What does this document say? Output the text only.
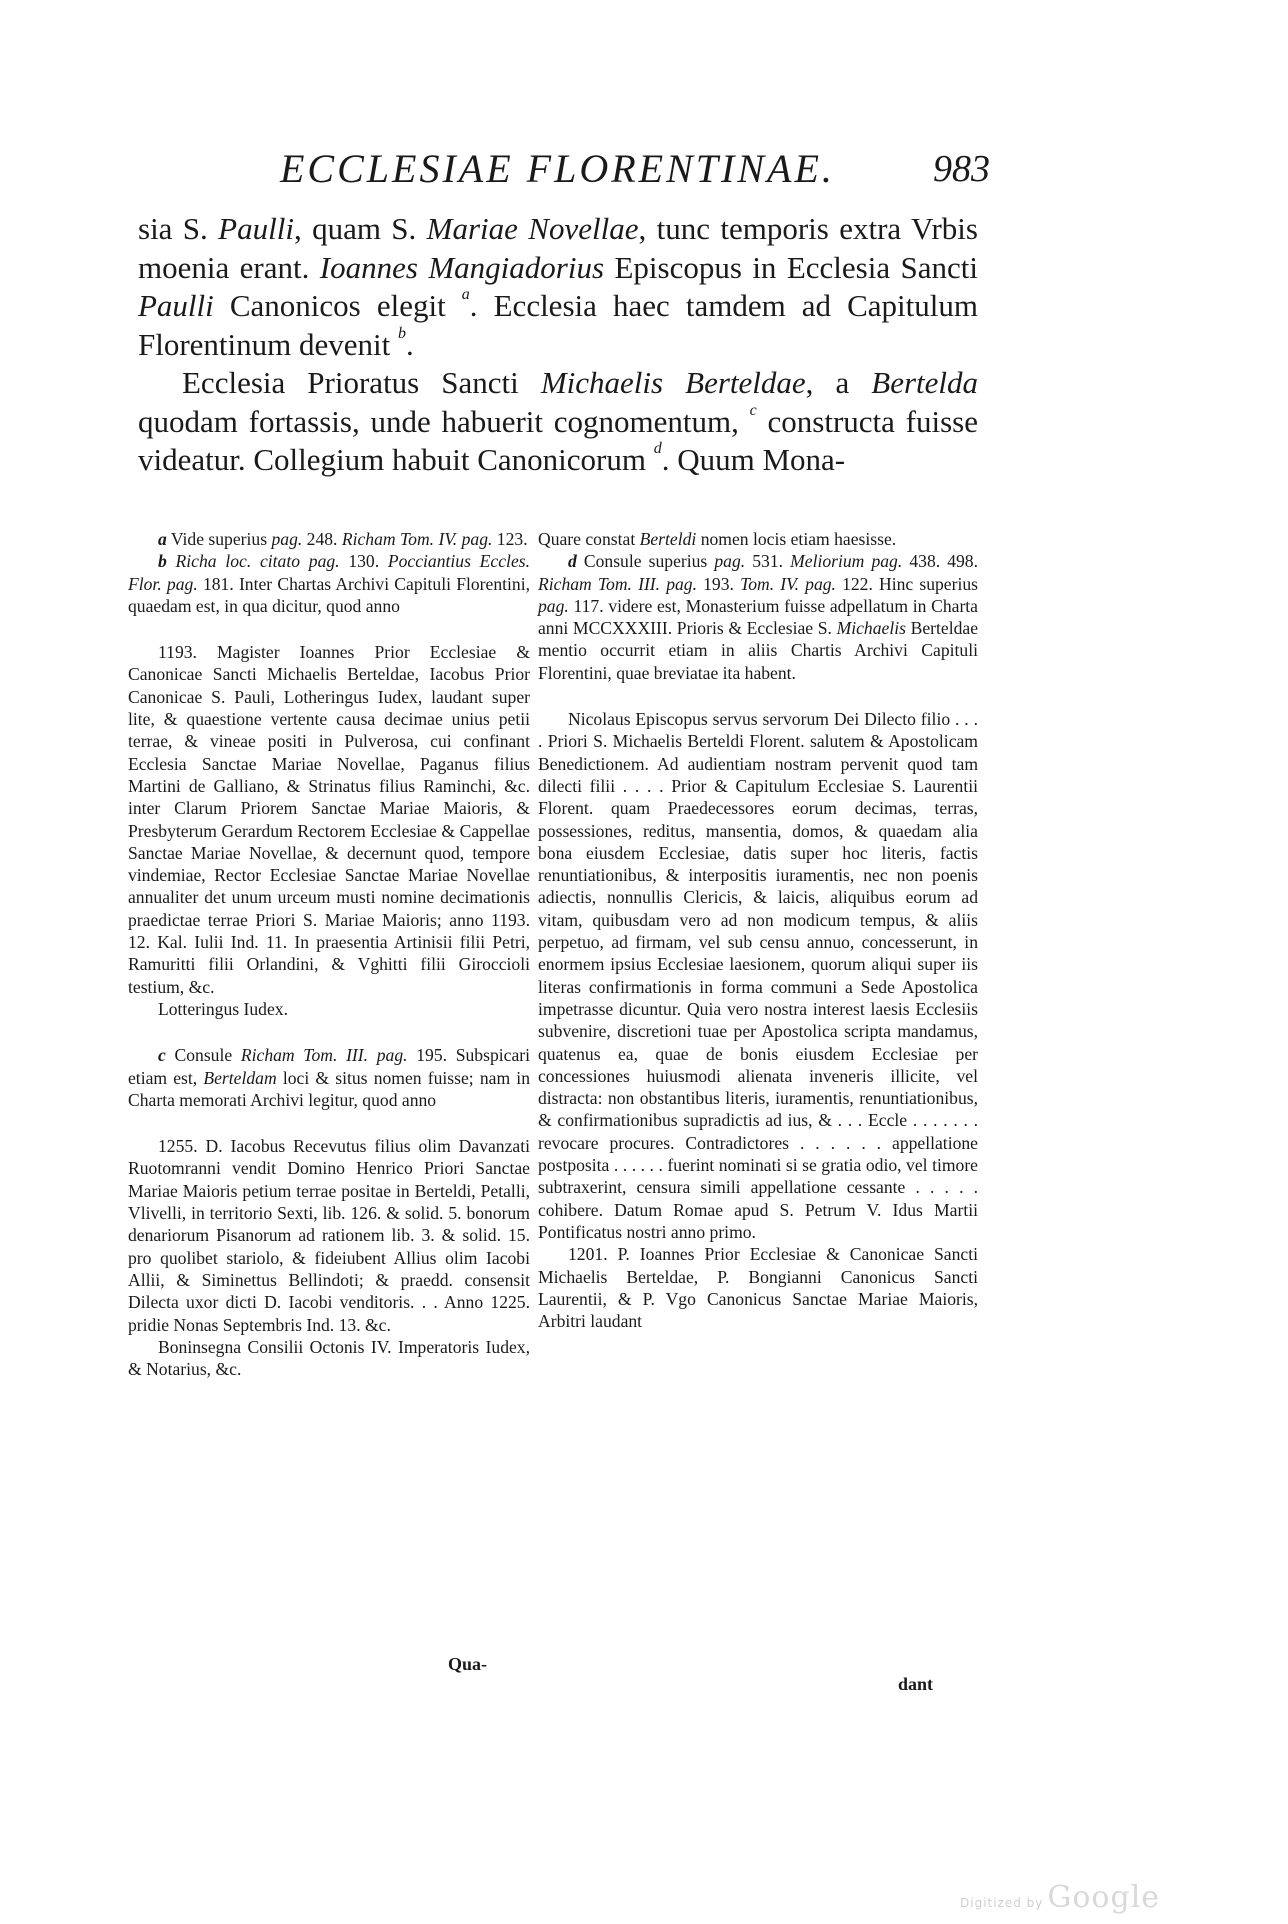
ECCLESIAE FLORENTINAE.	983

sia S. Paulli, quam S. Mariae Novellae, tunc temporis extra Vrbis moenia erant. Ioannes Mangiadorius Episcopus in Ecclesia Sancti Paulli Canonicos elegit $^a$. Ecclesia haec tamdem ad Capitulum Florentinum devenit $^b$.

Ecclesia Prioratus Sancti Michaelis Berteldae, a Bertelda quodam fortassis, unde habuerit cognomentum, $^c$ constructa fuisse videatur. Collegium habuit Canonicorum $^d$. Quum Mona-

a Vide superius pag. 248. Richam Tom. IV. pag. 123.

b Richa loc. citato pag. 130. Pocciantius Eccles. Flor. pag. 181. Inter Chartas Archivi Capituli Florentini, quaedam est, in qua dicitur, quod anno

1193. Magister Ioannes Prior Ecclesiae & Canonicae Sancti Michaelis Berteldae, Iacobus Prior Canonicae S. Pauli, Lotheringus Iudex, laudant super lite, & quaestione vertente causa decimae unius petii terrae, & vineae positi in Pulverosa, cui confinant Ecclesia Sanctae Mariae Novellae, Paganus filius Martini de Galliano, & Strinatus filius Raminchi, &c. inter Clarum Priorem Sanctae Mariae Maioris, & Presbyterum Gerardum Rectorem Ecclesiae & Cappellae Sanctae Mariae Novellae, & decernunt quod, tempore vindemiae, Rector Ecclesiae Sanctae Mariae Novellae annualiter det unum urceum musti nomine decimationis praedictae terrae Priori S. Mariae Maioris; anno 1193. 12. Kal. Iulii Ind. 11. In praesentia Artinisii filii Petri, Ramuritti filii Orlandini, & Vghitti filii Giroccioli testium, &c.

Lotteringus Iudex.

c Consule Richam Tom. III. pag. 195. Subspicari etiam est, Berteldam loci & situs nomen fuisse; nam in Charta memorati Archivi legitur, quod anno

1255. D. Iacobus Recevutus filius olim Davanzati Ruotomranni vendit Domino Henrico Priori Sanctae Mariae Maioris petium terrae positae in Berteldi, Petalli, Vlivelli, in territorio Sexti, lib. 126. & solid. 5. bonorum denariorum Pisanorum ad rationem lib. 3. & solid. 15. pro quolibet stariolo, & fideiubent Allius olim Iacobi Allii, & Siminettus Bellindoti; & praedd. consensit Dilecta uxor dicti D. Iacobi venditoris. . . Anno 1225. pridie Nonas Septembris Ind. 13. &c.

Boninsegna Consilii Octonis IV. Imperatoris Iudex, & Notarius, &c.

Qua-

Quare constat Berteldi nomen locis etiam haesisse.

d Consule superius pag. 531. Meliorium pag. 438. 498. Richam Tom. III. pag. 193. Tom. IV. pag. 122. Hinc superius pag. 117. videre est, Monasterium fuisse adpellatum in Charta anni MCCXXXIII. Prioris & Ecclesiae S. Michaelis Berteldae mentio occurrit etiam in aliis Chartis Archivi Capituli Florentini, quae breviatae ita habent.

Nicolaus Episcopus servus servorum Dei Dilecto filio . . . . Priori S. Michaelis Berteldi Florent. salutem & Apostolicam Benedictionem. Ad audientiam nostram pervenit quod tam dilecti filii . . . . Prior & Capitulum Ecclesiae S. Laurentii Florent. quam Praedecessores eorum decimas, terras, possessiones, reditus, mansentia, domos, & quaedam alia bona eiusdem Ecclesiae, datis super hoc literis, factis renuntiationibus, & interpositis iuramentis, nec non poenis adiectis, nonnullis Clericis, & laicis, aliquibus eorum ad vitam, quibusdam vero ad non modicum tempus, & aliis perpetuo, ad firmam, vel sub censu annuo, concesserunt, in enormem ipsius Ecclesiae laesionem, quorum aliqui super iis literas confirmationis in forma communi a Sede Apostolica impetrasse dicuntur. Quia vero nostra interest laesis Ecclesiis subvenire, discretioni tuae per Apostolica scripta mandamus, quatenus ea, quae de bonis eiusdem Ecclesiae per concessiones huiusmodi alienata inveneris illicite, vel distracta: non obstantibus literis, iuramentis, renuntiationibus, & confirmationibus supradictis ad ius, & . . . Eccle . . . . . . . revocare procures. Contradictores . . . . . . appellatione postposita . . . . . . fuerint nominati si se gratia odio, vel timore subtraxerint, censura simili appellatione cessante . . . . . cohibere. Datum Romae apud S. Petrum V. Idus Martii Pontificatus nostri anno primo.

1201. P. Ioannes Prior Ecclesiae & Canonicae Sancti Michaelis Berteldae, P. Bongianni Canonicus Sancti Laurentii, & P. Vgo Canonicus Sanctae Mariae Maioris, Arbitri laudant

dant
Digitized by Google
